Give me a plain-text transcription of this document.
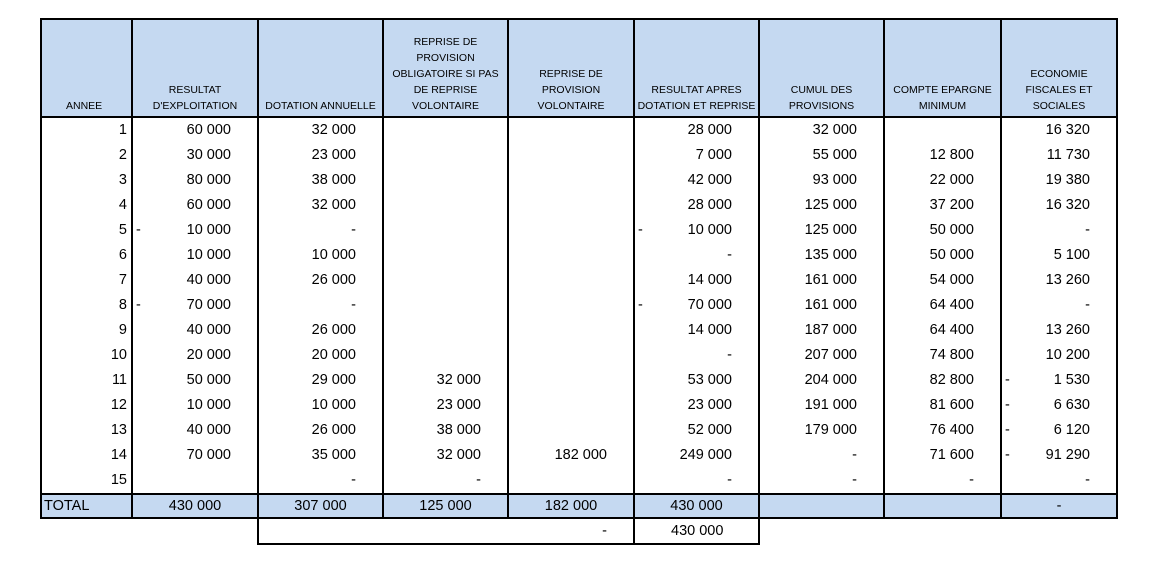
ANNEE	RESULTAT D'EXPLOITATION	DOTATION ANNUELLE	REPRISE DE PROVISION OBLIGATOIRE SI PAS DE REPRISE VOLONTAIRE	REPRISE DE PROVISION VOLONTAIRE	RESULTAT APRES DOTATION ET REPRISE	CUMUL DES PROVISIONS	COMPTE EPARGNE MINIMUM	ECONOMIE FISCALES ET SOCIALES
1	60 000	32 000			28 000	32 000		16 320
2	30 000	23 000			7 000	55 000	12 800	11 730
3	80 000	38 000			42 000	93 000	22 000	19 380
4	60 000	32 000			28 000	125 000	37 200	16 320
5	- 10 000	-			- 10 000	125 000	50 000	-
6	10 000	10 000			-	135 000	50 000	5 100
7	40 000	26 000			14 000	161 000	54 000	13 260
8	- 70 000	-			- 70 000	161 000	64 400	-
9	40 000	26 000			14 000	187 000	64 400	13 260
10	20 000	20 000			-	207 000	74 800	10 200
11	50 000	29 000	32 000		53 000	204 000	82 800	- 1 530
12	10 000	10 000	23 000		23 000	191 000	81 600	- 6 630
13	40 000	26 000	38 000		52 000	179 000	76 400	- 6 120
14	70 000	35 000	32 000	182 000	249 000	-	71 600	- 91 290
15		-	-		-	-	-	-
TOTAL	430 000	307 000	125 000	182 000	430 000			-
				-	430 000			
